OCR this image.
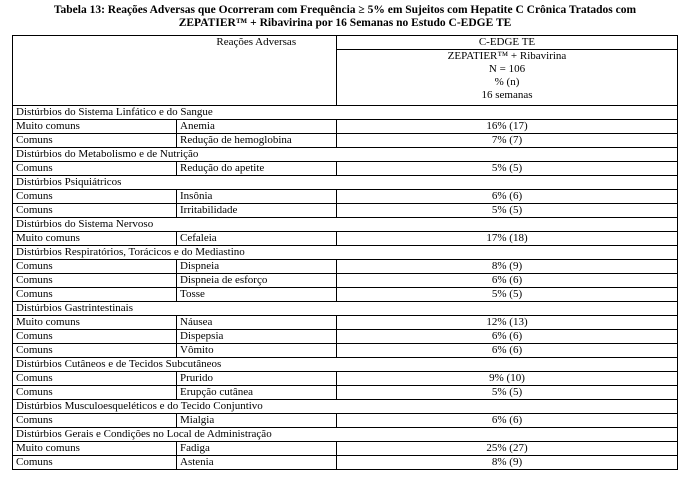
Tabela 13: Reações Adversas que Ocorreram com Frequência ≥ 5% em Sujeitos com Hepatite C Crônica Tratados com
ZEPATIER™ + Ribavirina por 16 Semanas no Estudo C-EDGE TE
	Reações Adversas	C-EDGE TE
ZEPATIER™ + Ribavirina
N = 106
% (n)
16 semanas

Distúrbios do Sistema Linfático e do Sangue		
Muito comuns	Anemia	16% (17)
Comuns	Redução de hemoglobina	7% (7)
Distúrbios do Metabolismo e de Nutrição		
Comuns	Redução do apetite	5% (5)
Distúrbios Psiquiátricos		
Comuns	Insônia	6% (6)
Comuns	Irritabilidade	5% (5)
Distúrbios do Sistema Nervoso		
Muito comuns	Cefaleia	17% (18)
Distúrbios Respiratórios, Torácicos e do Mediastino		
Comuns	Dispneia	8% (9)
Comuns	Dispneia de esforço	6% (6)
Comuns	Tosse	5% (5)
Distúrbios Gastrintestinais		
Muito comuns	Náusea	12% (13)
Comuns	Dispepsia	6% (6)
Comuns	Vômito	6% (6)
Distúrbios Cutâneos e de Tecidos Subcutâneos		
Comuns	Prurido	9% (10)
Comuns	Erupção cutânea	5% (5)
Distúrbios Musculoesqueléticos e do Tecido Conjuntivo		
Comuns	Mialgia	6% (6)
Distúrbios Gerais e Condições no Local de Administração		
Muito comuns	Fadiga	25% (27)
Comuns	Astenia	8% (9)
